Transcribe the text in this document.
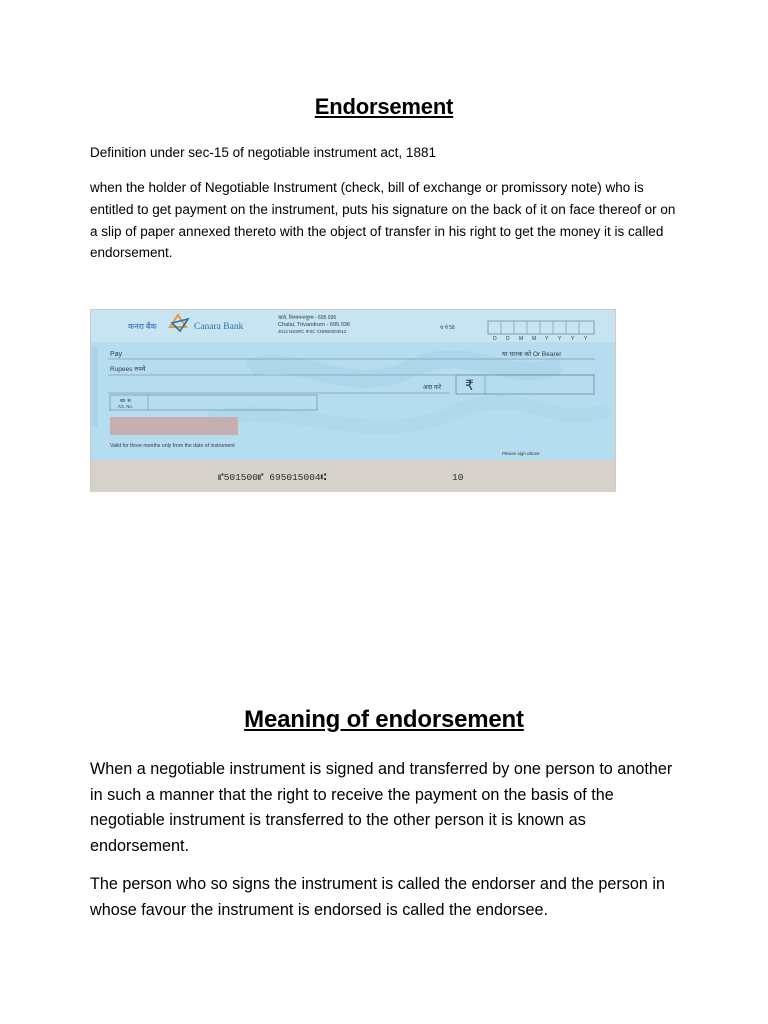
Endorsement
Definition under sec-15 of negotiable instrument act, 1881
when the holder of Negotiable Instrument (check, bill of exchange or promissory note) who is entitled to get payment on the instrument, puts his signature on the back of it on face thereof or on a slip of paper annexed thereto with the object of transfer in his right to get the money it is called endorsement.
कनरा बैंक	Canara Bank
चालै, तिरुवनन्तपुरम - 695 036
Chalai, Trivandrum - 695 036
3012 NSSRC IFSC CNRB0003012
च चे 58
D D M M Y Y Y Y
Pay	या धारक को Or Bearer
Rupees रुपये
अदा करें ₹
खा. सं.
A/c. No.
Valid for three months only from the date of instrument
Please sign above
⑈501500⑈ 695015004⑆	10
Meaning of endorsement
When a negotiable instrument is signed and transferred by one person to another in such a manner that the right to receive the payment on the basis of the negotiable instrument is transferred to the other person it is known as endorsement.
The person who so signs the instrument is called the endorser and the person in whose favour the instrument is endorsed is called the endorsee.
